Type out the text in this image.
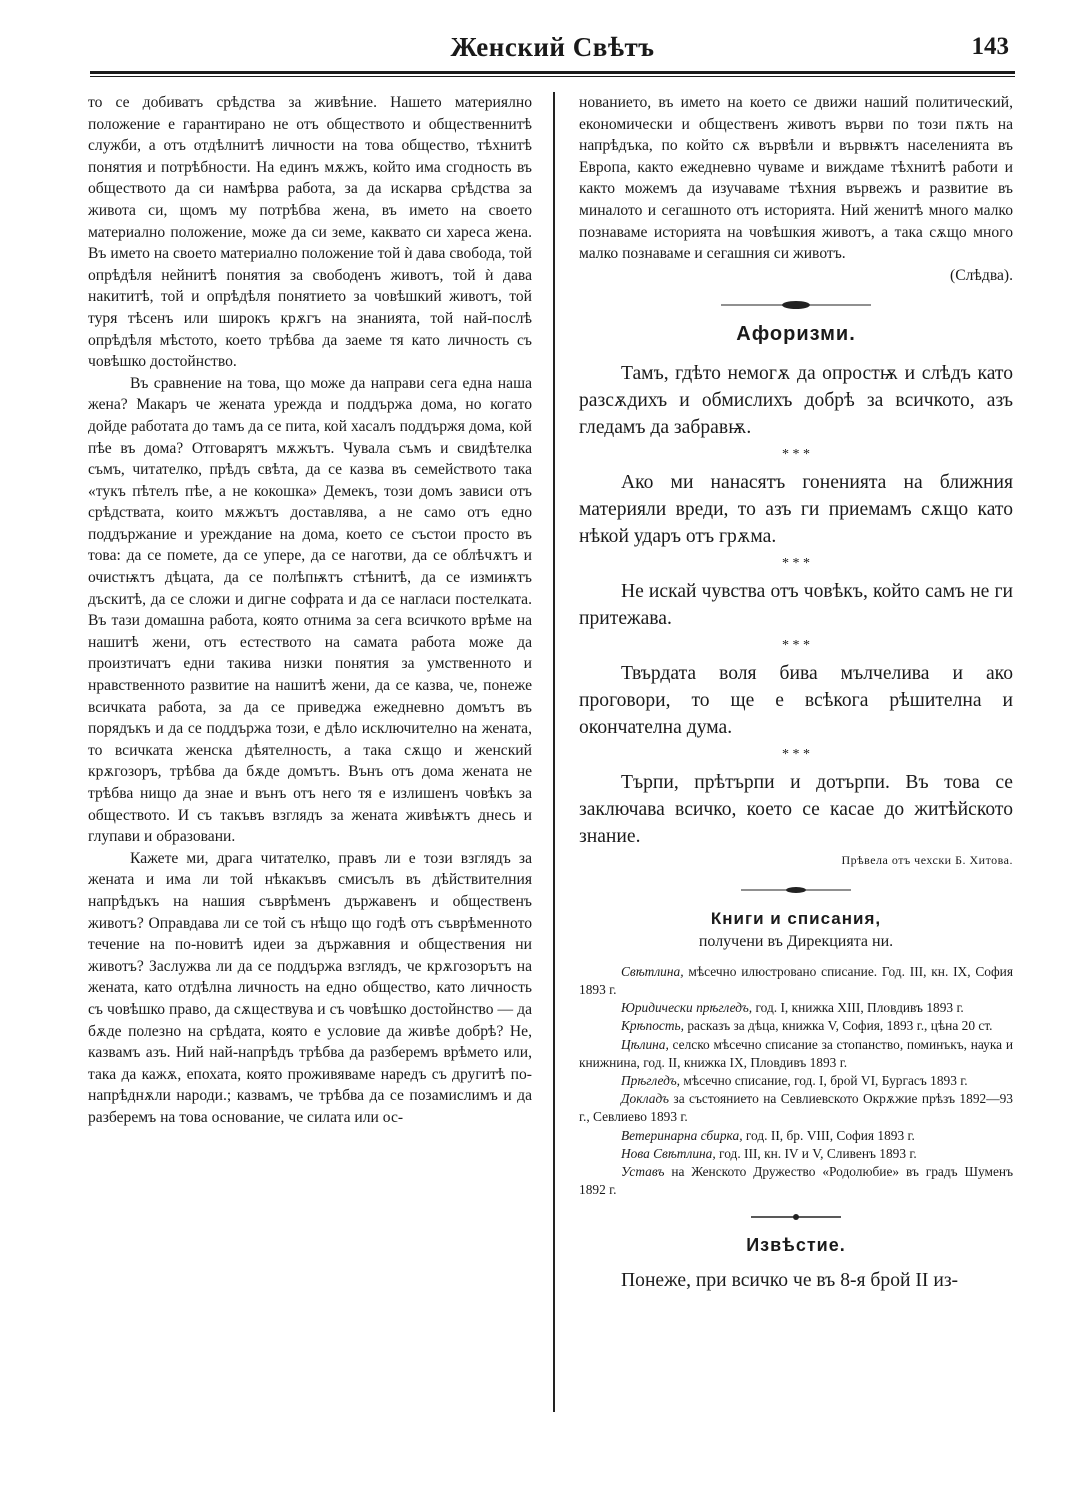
Женский Свѣтъ	143

то се добиватъ срѣдства за живѣние. Нашето материялно положение е гарантирано не отъ обществото и общественнитѣ служби, а отъ отдѣлнитѣ личности на това общество, тѣхнитѣ понятия и потрѣбности. На единъ мѫжъ, който има сгодность въ обществото да си намѣрва работа, за да искарва срѣдства за живота си, щомъ му потрѣбва жена, въ името на своето материално положение, може да си земе, каквато си хареса жена. Въ името на своето материално положение той ѝ дава свобода, той опрѣдѣля нейнитѣ понятия за свободенъ животъ, той ѝ дава накититѣ, той и опрѣдѣля понятието за човѣшкий животъ, той туря тѣсенъ или широкъ крѫгъ на знанията, той най-послѣ опрѣдѣля мѣстото, което трѣбва да заеме тя като личность съ човѣшко достойнство.

Въ сравнение на това, що може да направи сега една наша жена? Макаръ че жената урежда и поддържа дома, но когато дойде работата до тамъ да се пита, кой хасалъ поддържя дома, кой пѣе въ дома? Отговарятъ мѫжътъ. Чувала съмъ и свидѣтелка съмъ, читателко, прѣдъ свѣта, да се казва въ семейството така «тукъ пѣтелъ пѣе, а не кокошка» Демекъ, този домъ зависи отъ срѣдствата, които мѫжътъ доставлява, а не само отъ едно поддържание и уреждание на дома, което се състои просто въ това: да се помете, да се упере, да се наготви, да се облѣчѫтъ и очистѭтъ дѣцата, да се полѣпѭтъ стѣнитѣ, да се измиѭтъ дъскитѣ, да се сложи и дигне софрата и да се нагласи постелката. Въ тази домашна работа, която отнима за сега всичкото врѣме на нашитѣ жени, отъ естеството на самата работа може да произтичатъ едни такива низки понятия за умственното и нравственното развитие на нашитѣ жени, да се казва, че, понеже всичката работа, за да се приведжа ежедневно домътъ въ порядъкъ и да се поддържа този, е дѣло исключително на жената, то всичката женска дѣятелность, а така сѫщо и женский крѫгозоръ, трѣбва да бѫде домътъ. Вънъ отъ дома жената не трѣбва нищо да знае и вънъ отъ него тя е излишенъ човѣкъ за обществото. И съ такъвъ взглядъ за жената живѣѭтъ днесь и глупави и образовани.

Кажете ми, драга читателко, правъ ли е този взглядъ за жената и има ли той нѣкакъвъ смисълъ въ дѣйствителния напрѣдъкъ на нашия съврѣменъ държавенъ и общественъ животъ? Оправдава ли се той съ нѣщо що годѣ отъ съврѣменното течение на по-новитѣ идеи за държавния и обществения ни животъ? Заслужва ли да се поддържа взглядъ, че крѫгозорътъ на жената, като отдѣлна личность на едно общество, като личность съ човѣшко право, да сѫществува и съ човѣшко достойнство — да бѫде полезно на срѣдата, която е условие да живѣе добрѣ? Не, казвамъ азъ. Ний най-напрѣдъ трѣбва да разберемъ врѣмето или, така да кажѫ, епохата, която проживяваме наредъ съ другитѣ по-напрѣднѫли народи.; казвамъ, че трѣбва да се позамислимъ и да разберемъ на това основание, че силата или ос-

нованието, въ името на което се движи наший политический, економически и общественъ животъ върви по този пѫть на напрѣдъка, по който сѫ вървѣли и вървѭтъ населенията въ Европа, както ежедневно чуваме и виждаме тѣхнитѣ работи и както можемъ да изучаваме тѣхния вървежъ и развитие въ миналото и сегашното отъ историята. Ний женитѣ много малко познаваме историята на човѣшкия животъ, а така сѫщо много малко познаваме и сегашния си животъ.

(Слѣдва).

Афоризми.

Тамъ, гдѣто немогѫ да опростѭ и слѣдъ като разсѫдихъ и обмислихъ добрѣ за всичкото, азъ гледамъ да забравѭ.

* * *

Ако ми нанасятъ гоненията на ближния материяли вреди, то азъ ги приемамъ сѫщо като нѣкой ударъ отъ грѫма.

* * *

Не искай чувства отъ човѣкъ, който самъ не ги притежава.

* * *

Твърдата воля бива мълчелива и ако проговори, то ще е всѣкога рѣшителна и окончателна дума.

* * *

Търпи, прѣтърпи и дотърпи. Въ това се заключава всичко, което се касае до житѣйското знание.

Прѣвела отъ чехски Б. Хитова.

Книги и списания,

получени въ Дирекцията ни.

Свѣтлина, мѣсечно илюстровано списание. Год. III, кн. IX, София 1893 г.

Юридически прѣгледъ, год. I, книжка XIII, Пловдивъ 1893 г.

Крѣпость, расказъ за дѣца, книжка V, София, 1893 г., цѣна 20 ст.

Цѣлина, селско мѣсечно списание за стопанство, поминъкъ, наука и книжнина, год. II, книжка IX, Пловдивъ 1893 г.

Прѣгледъ, мѣсечно списание, год. I, брой VI, Бургасъ 1893 г.

Докладъ за състоянието на Севлиевското Окрѫжие прѣзъ 1892—93 г., Севлиево 1893 г.

Ветеринарна сбирка, год. II, бр. VIII, София 1893 г.

Нова Свѣтлина, год. III, кн. IV и V, Сливенъ 1893 г.

Уставъ на Женското Дружество «Родолюбие» въ градъ Шуменъ 1892 г.

Извѣстие.

Понеже, при всичко че въ 8-я брой II из-
